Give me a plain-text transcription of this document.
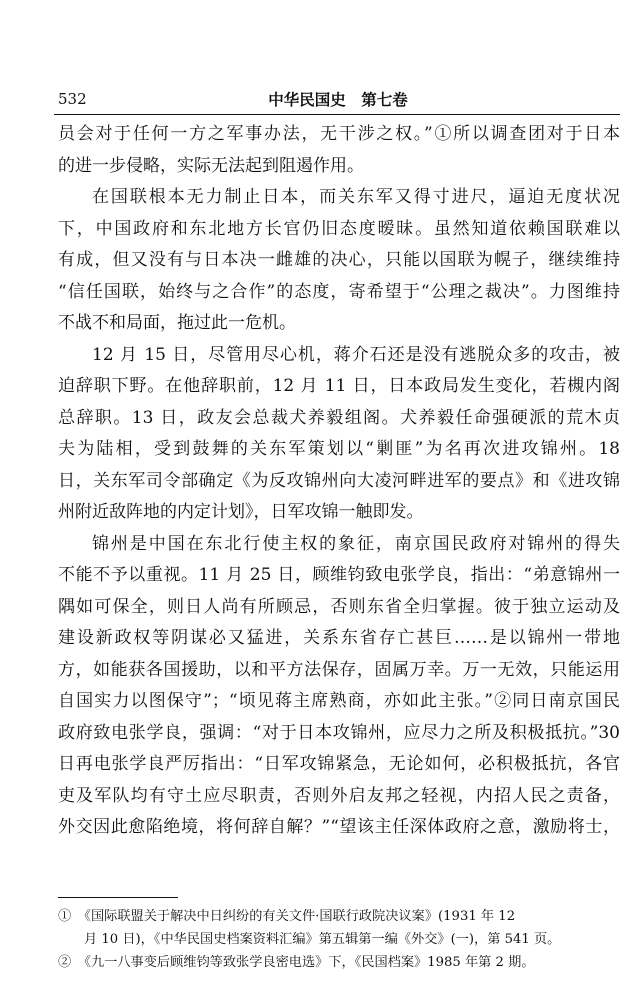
532	中华民国史　第七卷
员会对于任何一方之军事办法，无干涉之权。”①所以调查团对于日本
的进一步侵略，实际无法起到阻遏作用。
在国联根本无力制止日本，而关东军又得寸进尺，逼迫无度状况
下，中国政府和东北地方长官仍旧态度暧昧。虽然知道依赖国联难以
有成，但又没有与日本决一雌雄的决心，只能以国联为幌子，继续维持
“信任国联，始终与之合作”的态度，寄希望于“公理之裁决”。力图维持
不战不和局面，拖过此一危机。
12 月 15 日，尽管用尽心机，蒋介石还是没有逃脱众多的攻击，被
迫辞职下野。在他辞职前，12 月 11 日，日本政局发生变化，若槻内阁
总辞职。13 日，政友会总裁犬养毅组阁。犬养毅任命强硬派的荒木贞
夫为陆相，受到鼓舞的关东军策划以“剿匪”为名再次进攻锦州。18
日，关东军司令部确定《为反攻锦州向大凌河畔进军的要点》和《进攻锦
州附近敌阵地的内定计划》，日军攻锦一触即发。
锦州是中国在东北行使主权的象征，南京国民政府对锦州的得失
不能不予以重视。11 月 25 日，顾维钧致电张学良，指出：“弟意锦州一
隅如可保全，则日人尚有所顾忌，否则东省全归掌握。彼于独立运动及
建设新政权等阴谋必又猛进，关系东省存亡甚巨……是以锦州一带地
方，如能获各国援助，以和平方法保存，固属万幸。万一无效，只能运用
自国实力以图保守”；“顷见蒋主席熟商，亦如此主张。”②同日南京国民
政府致电张学良，强调：“对于日本攻锦州，应尽力之所及积极抵抗。”30
日再电张学良严厉指出：“日军攻锦紧急，无论如何，必积极抵抗，各官
吏及军队均有守土应尽职责，否则外启友邦之轻视，内招人民之责备，
外交因此愈陷绝境，将何辞自解？”“望该主任深体政府之意，激励将士，
①　《国际联盟关于解决中日纠纷的有关文件·国联行政院决议案》(1931 年 12
月 10 日)，《中华民国史档案资料汇编》第五辑第一编《外交》(一)，第 541 页。
②　《九一八事变后顾维钧等致张学良密电选》下，《民国档案》1985 年第 2 期。
